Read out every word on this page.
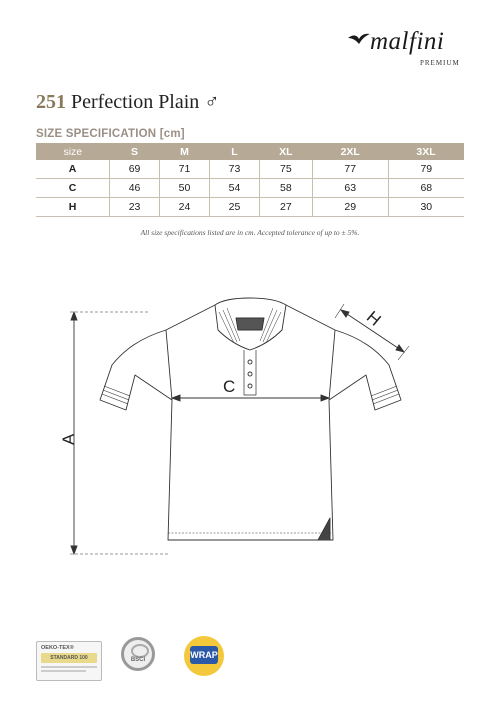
malfini
PREMIUM
251 Perfection Plain ♂
SIZE SPECIFICATION [cm]
size	S	M	L	XL	2XL	3XL
A	69	71	73	75	77	79
C	46	50	54	58	63	68
H	23	24	25	27	29	30
All size specifications listed are in cm. Accepted tolerance of up to ± 5%.
A
C
H
OEKO-TEX®
STANDARD 100	BSCI	WRAP
